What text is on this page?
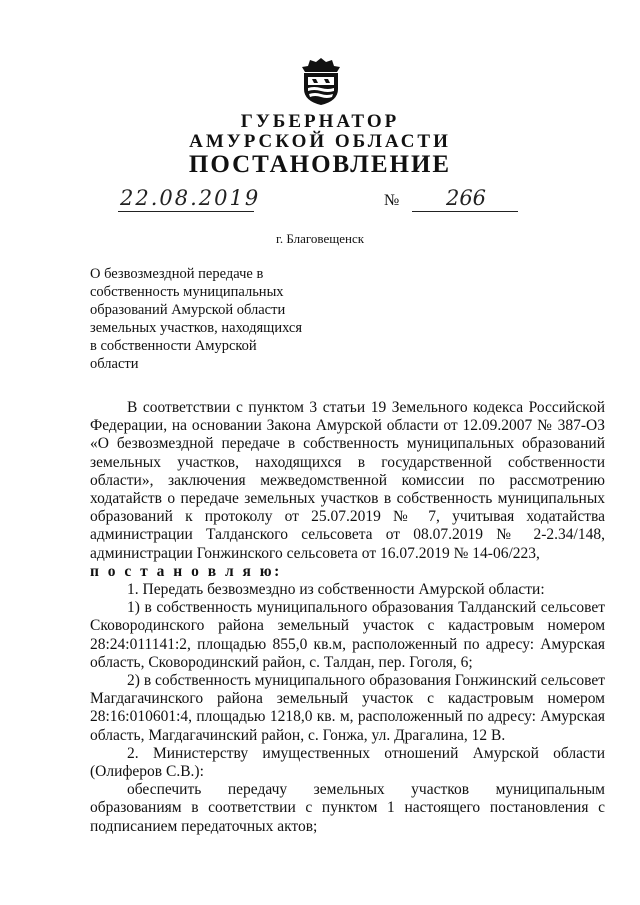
ГУБЕРНАТОР
АМУРСКОЙ ОБЛАСТИ
ПОСТАНОВЛЕНИЕ
22.08.2019	№	266
г. Благовещенск
О безвозмездной передаче в
собственность муниципальных
образований Амурской области
земельных участков, находящихся
в собственности Амурской
области

В соответствии с пунктом 3 статьи 19 Земельного кодекса Российской Федерации, на основании Закона Амурской области от 12.09.2007 № 387-ОЗ «О безвозмездной передаче в собственность муниципальных образований земельных участков, находящихся в государственной собственности области», заключения межведомственной комиссии по рассмотрению ходатайств о передаче земельных участков в собственность муниципальных образований к протоколу от 25.07.2019 № 7, учитывая ходатайства администрации Талданского сельсовета от 08.07.2019 № 2-2.34/148, администрации Гонжинского сельсовета от 16.07.2019 № 14-06/223,

п о с т а н о в л я ю:

1. Передать безвозмездно из собственности Амурской области:

1) в собственность муниципального образования Талданский сельсовет Сковородинского района земельный участок с кадастровым номером 28:24:011141:2, площадью 855,0 кв.м, расположенный по адресу: Амурская область, Сковородинский район, с. Талдан, пер. Гоголя, 6;

2) в собственность муниципального образования Гонжинский сельсовет Магдагачинского района земельный участок с кадастровым номером 28:16:010601:4, площадью 1218,0 кв. м, расположенный по адресу: Амурская область, Магдагачинский район, с. Гонжа, ул. Драгалина, 12 В.

2. Министерству имущественных отношений Амурской области (Олиферов С.В.):

обеспечить передачу земельных участков муниципальным образованиям в соответствии с пунктом 1 настоящего постановления с подписанием передаточных актов;
